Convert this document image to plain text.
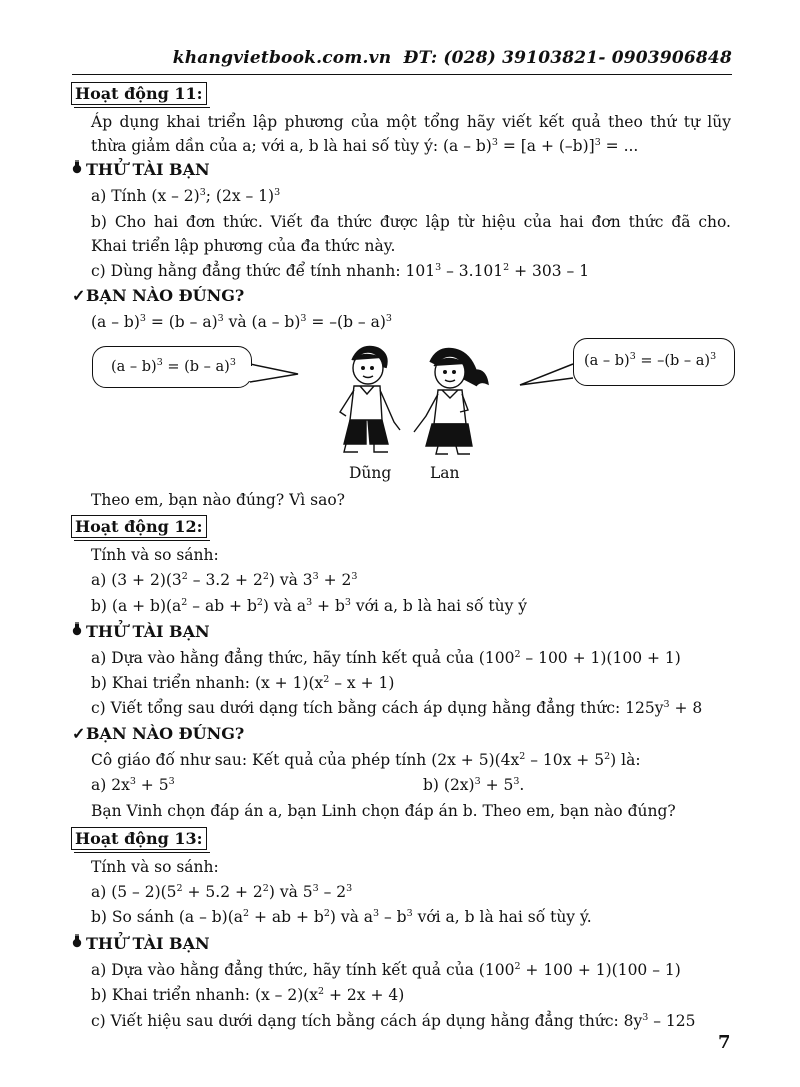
khangvietbook.com.vn ĐT: (028) 39103821- 0903906848
Hoạt động 11:
Áp dụng khai triển lập phương của một tổng hãy viết kết quả theo thứ tự lũy
thừa giảm dần của a; với a, b là hai số tùy ý: $(a - b)^3 = [a + (-b)]^3$ = ...
THỬ TÀI BẠN
a) Tính (x – 2)$^3$; (2x – 1)$^3$
b) Cho hai đơn thức. Viết đa thức được lập từ hiệu của hai đơn thức đã cho.
Khai triển lập phương của đa thức này.
c) Dùng hằng đẳng thức để tính nhanh: $101^3 - 3.101^2 + 303 - 1$
✓BẠN NÀO ĐÚNG?
(a – b)$^3$ = (b – a)$^3$ và (a – b)$^3$ = –(b – a)$^3$
(a – b)$^3$ = (b – a)$^3$	(a – b)$^3$ = –(b – a)$^3$
Dũng Lan
Theo em, bạn nào đúng? Vì sao?
Hoạt động 12:
Tính và so sánh:
a) $(3 + 2)(3^2 - 3.2 + 2^2)$ và $3^3 + 2^3$
b) $(a + b)(a^2$ – ab + $b^2$) và $a^3 + b^3$ với a, b là hai số tùy ý
THỬ TÀI BẠN
a) Dựa vào hằng đẳng thức, hãy tính kết quả của $(100^2 - 100 + 1)(100 + 1)$
b) Khai triển nhanh: $(x + 1)(x^2 - x + 1)$
c) Viết tổng sau dưới dạng tích bằng cách áp dụng hằng đẳng thức: $125y^3 + 8$
✓BẠN NÀO ĐÚNG?
Cô giáo đố như sau: Kết quả của phép tính $(2x + 5)(4x^2 - 10x + 5^2)$ là:
a) $2x^3 + 5^3$	b) $(2x)^3 + 5^3$.
Bạn Vinh chọn đáp án a, bạn Linh chọn đáp án b. Theo em, bạn nào đúng?
Hoạt động 13:
Tính và so sánh:
a) $(5 - 2)(5^2 + 5.2 + 2^2)$ và $5^3 - 2^3$
b) So sánh $(a - b)(a^2$ + ab + $b^2$) và $a^3 - b^3$ với a, b là hai số tùy ý.
THỬ TÀI BẠN
a) Dựa vào hằng đẳng thức, hãy tính kết quả của $(100^2 + 100 + 1)(100 - 1)$
b) Khai triển nhanh: $(x - 2)(x^2 + 2x + 4)$
c) Viết hiệu sau dưới dạng tích bằng cách áp dụng hằng đẳng thức: $8y^3 - 125$
7
